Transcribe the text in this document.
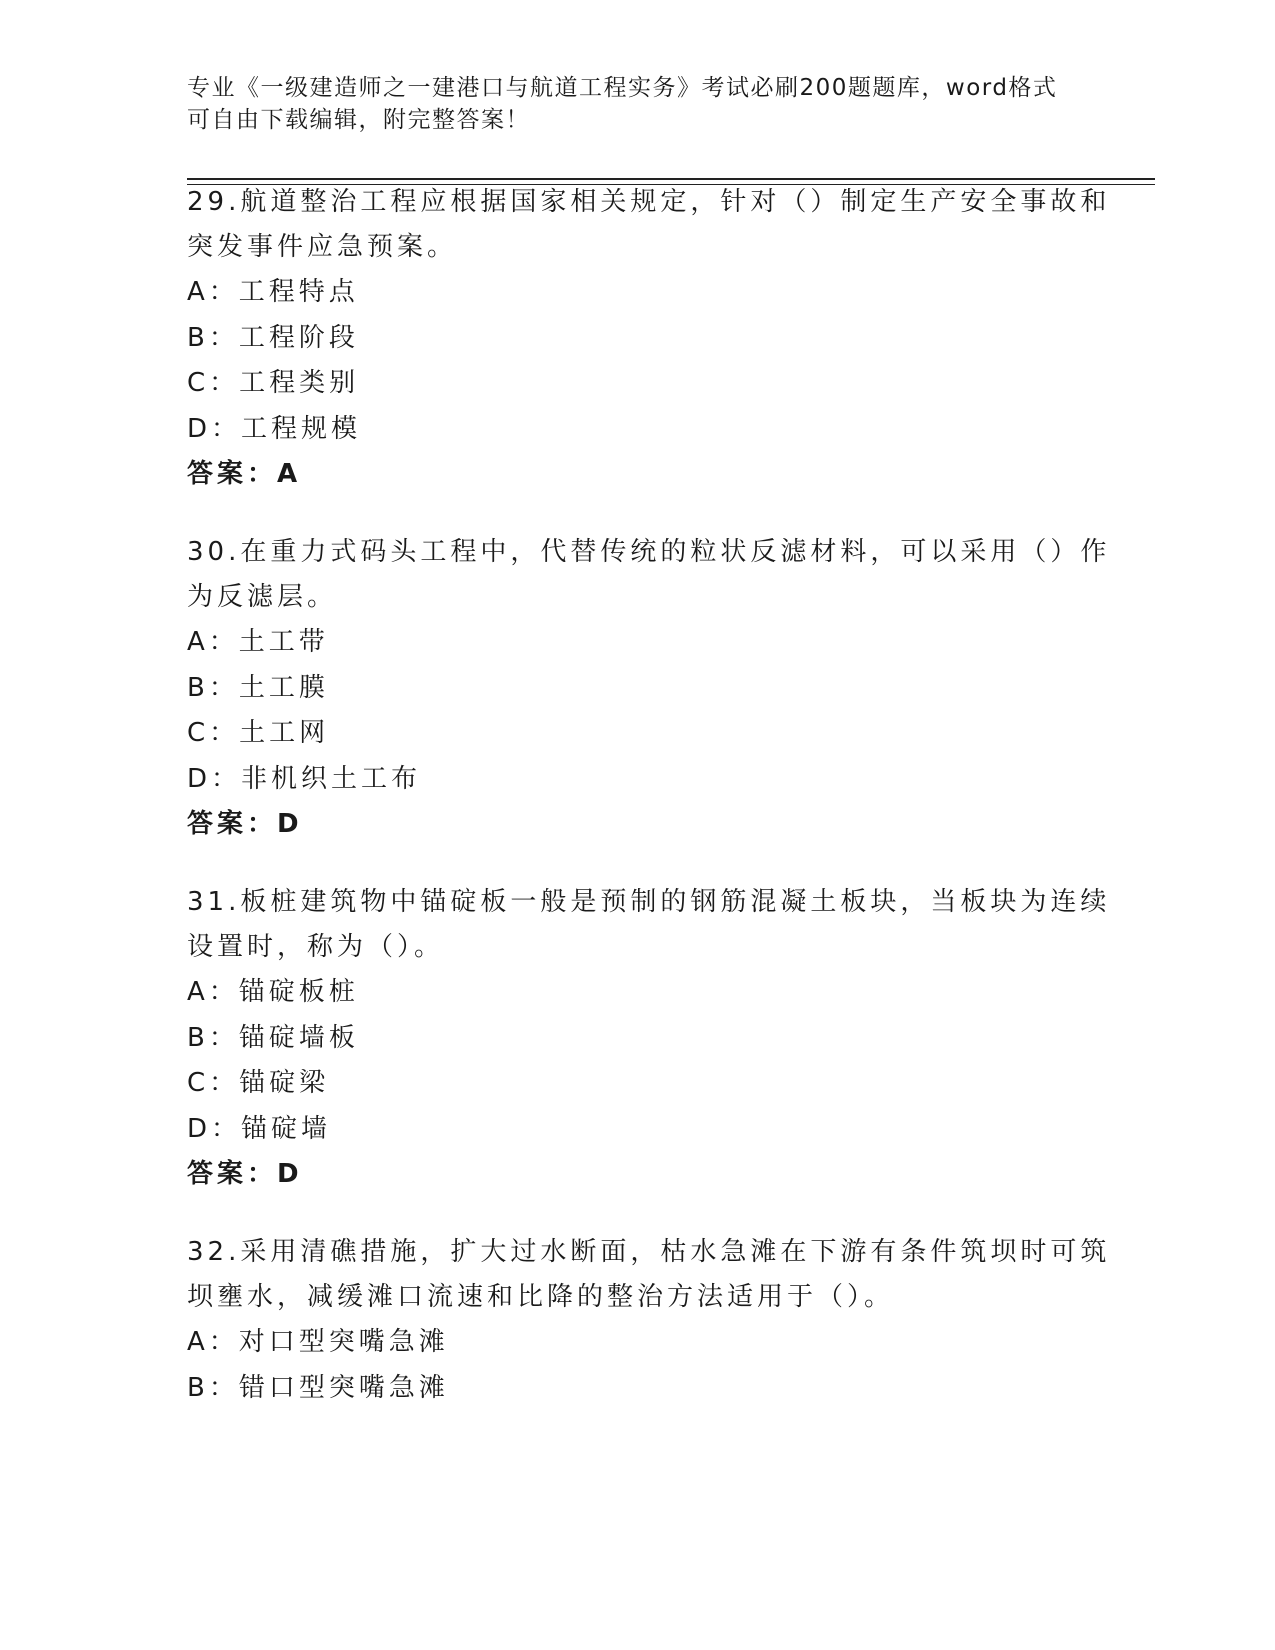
专业《一级建造师之一建港口与航道工程实务》考试必刷200题题库，word格式
可自由下载编辑，附完整答案！
29.航道整治工程应根据国家相关规定，针对（）制定生产安全事故和
突发事件应急预案。
A：工程特点
B：工程阶段
C：工程类别
D：工程规模
答案：A
30.在重力式码头工程中，代替传统的粒状反滤材料，可以采用（）作
为反滤层。
A：土工带
B：土工膜
C：土工网
D：非机织土工布
答案：D
31.板桩建筑物中锚碇板一般是预制的钢筋混凝土板块，当板块为连续
设置时，称为（）。
A：锚碇板桩
B：锚碇墙板
C：锚碇梁
D：锚碇墙
答案：D
32.采用清礁措施，扩大过水断面，枯水急滩在下游有条件筑坝时可筑
坝壅水，减缓滩口流速和比降的整治方法适用于（）。
A：对口型突嘴急滩
B：错口型突嘴急滩
